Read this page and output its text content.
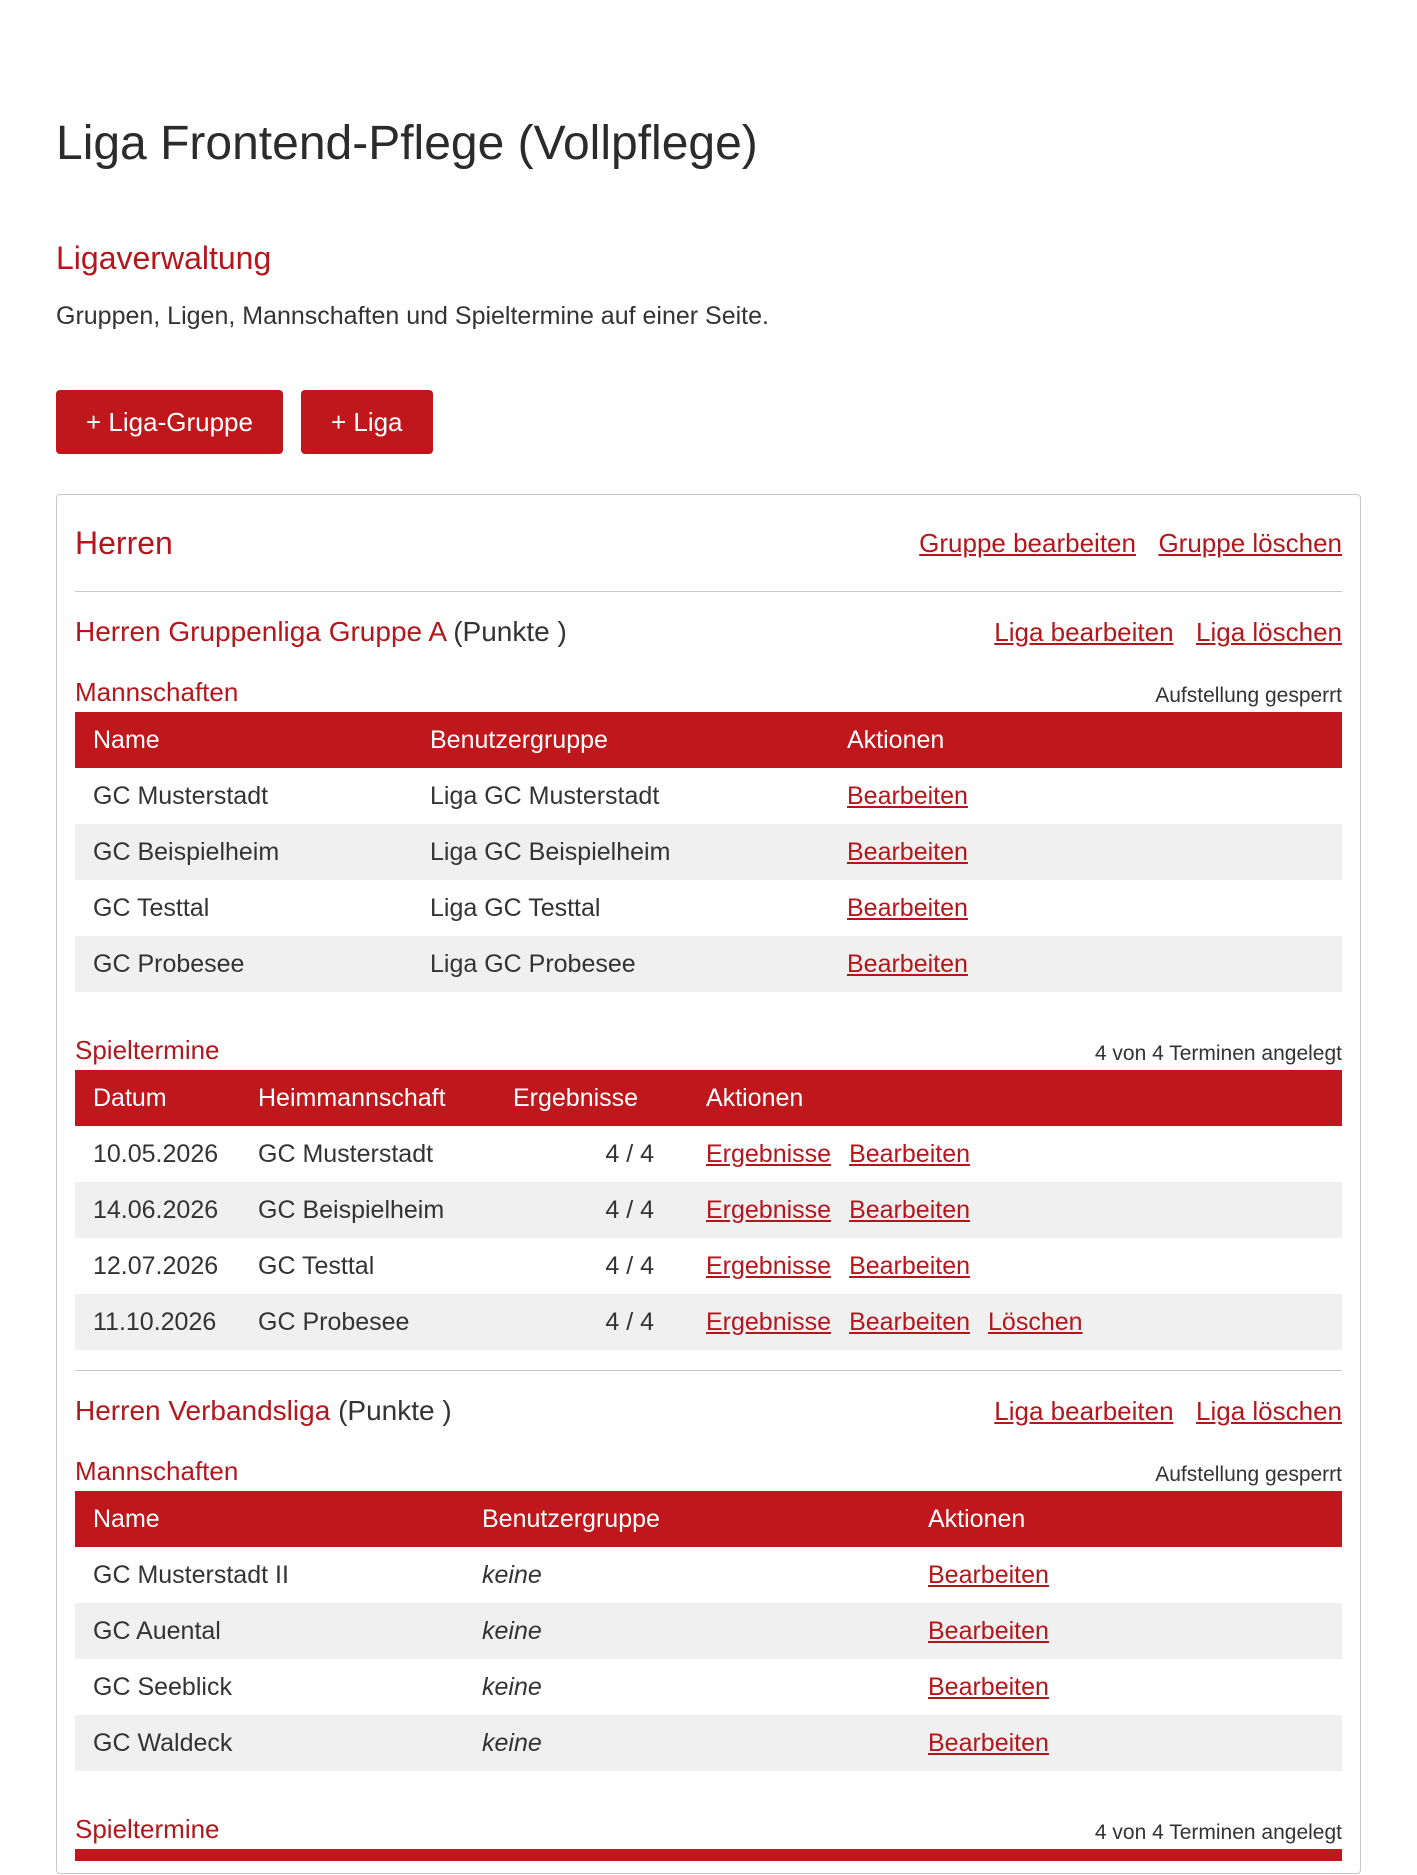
Liga Frontend-Pflege (Vollpflege)
Ligaverwaltung

Gruppen, Ligen, Mannschaften und Spieltermine auf einer Seite.

+ Liga-Gruppe	+ Liga
Herren	Gruppe bearbeiten Gruppe löschen
Herren Gruppenliga Gruppe A (Punkte )	Liga bearbeiten Liga löschen
Mannschaften	Aufstellung gesperrt
Name	Benutzergruppe	Aktionen
GC Musterstadt	Liga GC Musterstadt	Bearbeiten
GC Beispielheim	Liga GC Beispielheim	Bearbeiten
GC Testtal	Liga GC Testtal	Bearbeiten
GC Probesee	Liga GC Probesee	Bearbeiten
Spieltermine	4 von 4 Terminen angelegt
Datum	Heimmannschaft	Ergebnisse	Aktionen
10.05.2026	GC Musterstadt	4 / 4	Ergebnisse Bearbeiten
14.06.2026	GC Beispielheim	4 / 4	Ergebnisse Bearbeiten
12.07.2026	GC Testtal	4 / 4	Ergebnisse Bearbeiten
11.10.2026	GC Probesee	4 / 4	Ergebnisse Bearbeiten Löschen
Herren Verbandsliga (Punkte )	Liga bearbeiten Liga löschen
Mannschaften	Aufstellung gesperrt
Name	Benutzergruppe	Aktionen
GC Musterstadt II	keine	Bearbeiten
GC Auental	keine	Bearbeiten
GC Seeblick	keine	Bearbeiten
GC Waldeck	keine	Bearbeiten
Spieltermine	4 von 4 Terminen angelegt
